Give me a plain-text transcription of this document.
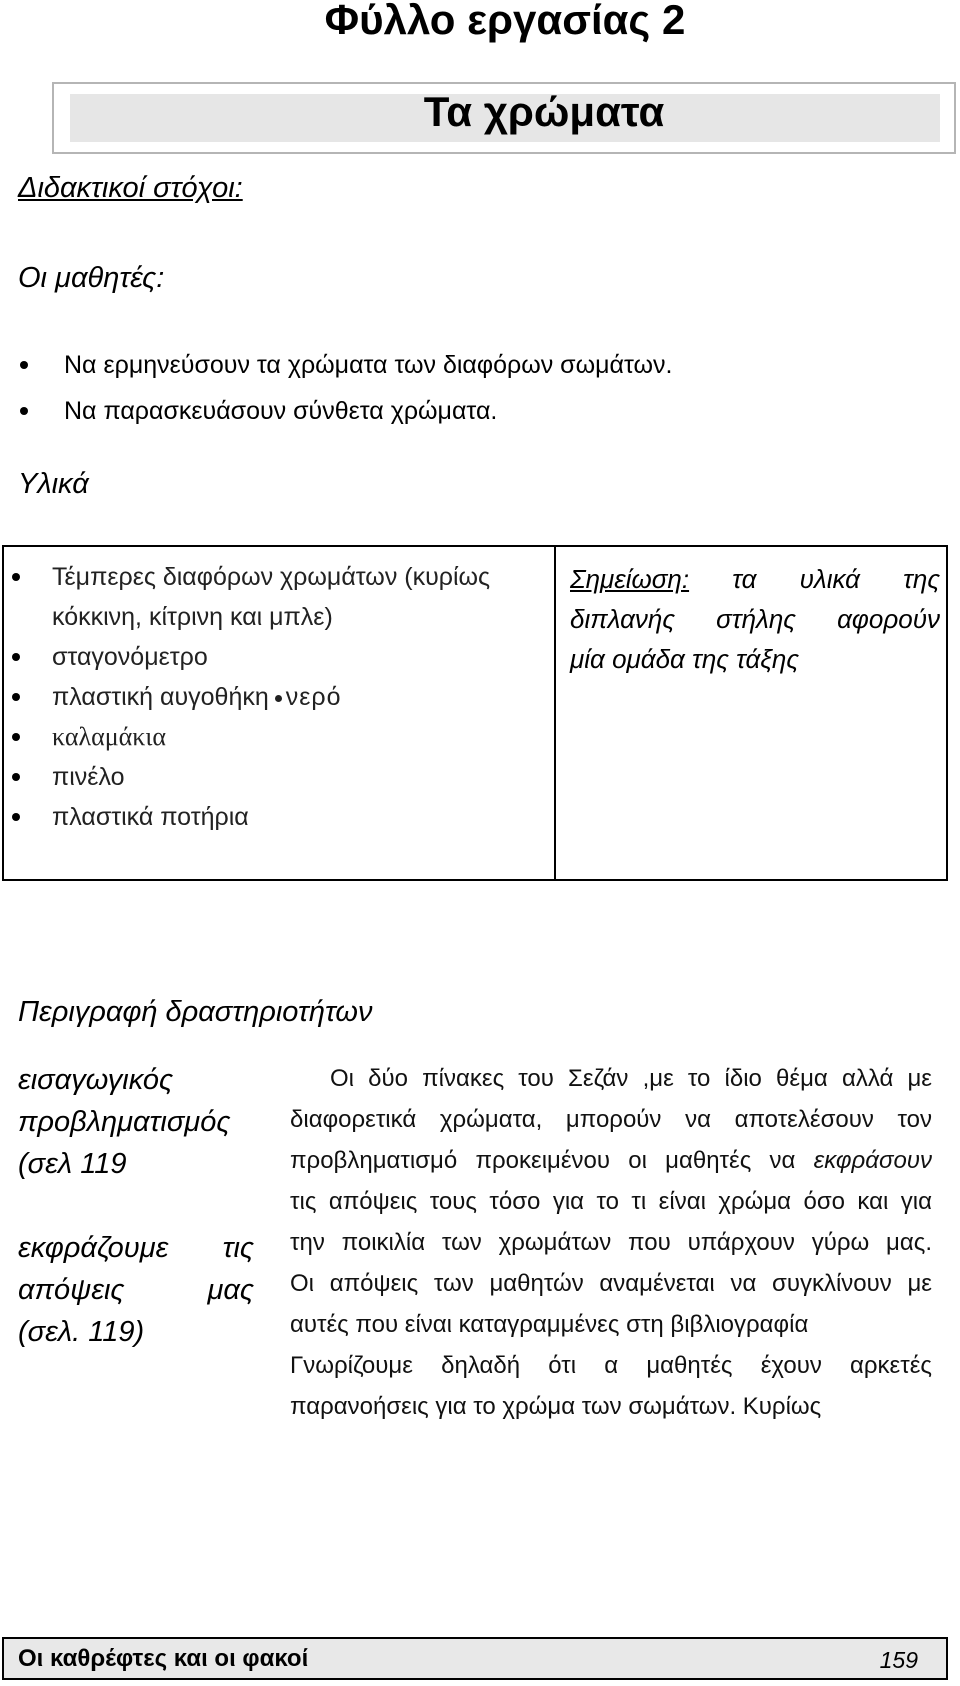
Φύλλο εργασίας 2
Τα χρώματα
Διδακτικοί στόχοι:
Οι μαθητές:
Να ερμηνεύσουν τα χρώματα των διαφόρων σωμάτων.
Να παρασκευάσουν σύνθετα χρώματα.
Υλικά
Τέμπερες διαφόρων χρωμάτων (κυρίως
κόκκινη, κίτρινη και μπλε)
σταγονόμετρο
πλαστική αυγοθήκη νερό
καλαμάκια
πινέλο
πλαστικά ποτήρια
Σημείωση: τα υλικά της
διπλανής στήλης αφορούν
μία ομάδα της τάξης
Περιγραφή δραστηριοτήτων
εισαγωγικός
προβληματισμός
(σελ 119
εκφράζουμε τις
απόψεις μας
(σελ. 119)
Οι δύο πίνακες του Σεζάν ,με το ίδιο θέμα αλλά με
διαφορετικά χρώματα, μπορούν να αποτελέσουν τον
προβληματισμό προκειμένου οι μαθητές να εκφράσουν
τις απόψεις τους τόσο για το τι είναι χρώμα όσο και για
την ποικιλία των χρωμάτων που υπάρχουν γύρω μας.
Οι απόψεις των μαθητών αναμένεται να συγκλίνουν με
αυτές που είναι καταγραμμένες στη βιβλιογραφία
Γνωρίζουμε δηλαδή ότι α μαθητές έχουν αρκετές
παρανοήσεις για το χρώμα των σωμάτων. Κυρίως
Οι καθρέφτες και οι φακοί	159
